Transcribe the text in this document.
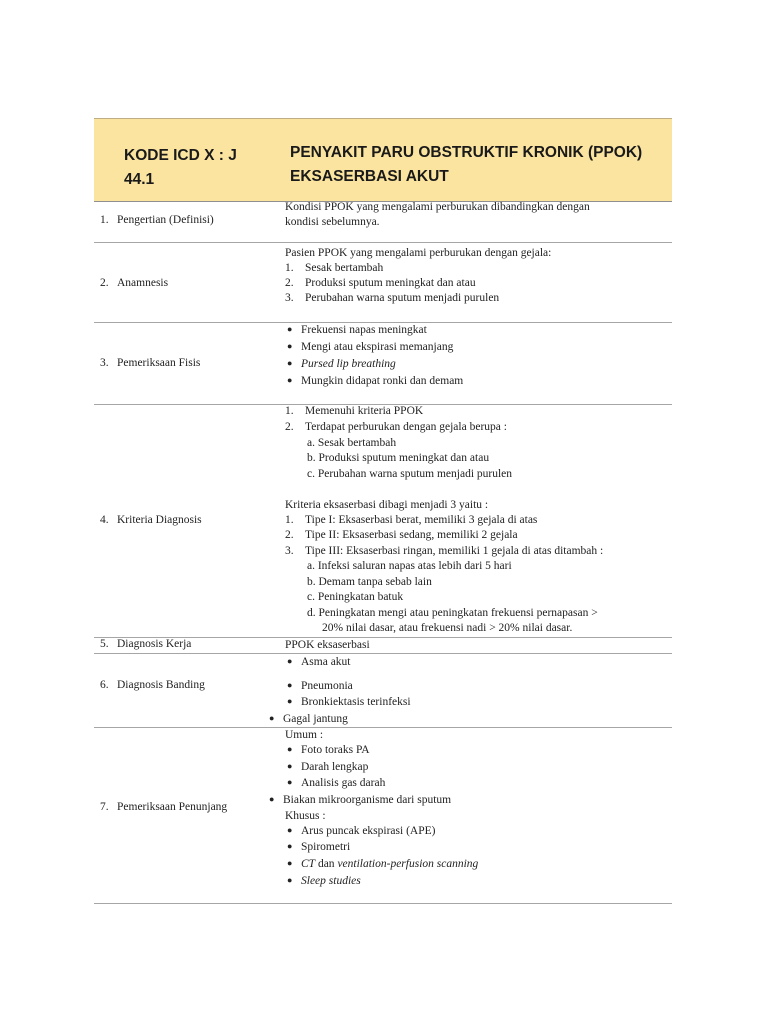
KODE ICD X : J
44.1
PENYAKIT PARU OBSTRUKTIF KRONIK (PPOK)
EKSASERBASI AKUT
1. Pengertian (Definisi)
Kondisi PPOK yang mengalami perburukan dibandingkan dengan
kondisi sebelumnya.
2. Anamnesis
Pasien PPOK yang mengalami perburukan dengan gejala:
1. Sesak bertambah
2. Produksi sputum meningkat dan atau
3. Perubahan warna sputum menjadi purulen
3. Pemeriksaan Fisis
● Frekuensi napas meningkat
● Mengi atau ekspirasi memanjang
● Pursed lip breathing
● Mungkin didapat ronki dan demam
4. Kriteria Diagnosis
1. Memenuhi kriteria PPOK
2. Terdapat perburukan dengan gejala berupa :
a. Sesak bertambah
b. Produksi sputum meningkat dan atau
c. Perubahan warna sputum menjadi purulen
Kriteria eksaserbasi dibagi menjadi 3 yaitu :
1. Tipe I: Eksaserbasi berat, memiliki 3 gejala di atas
2. Tipe II: Eksaserbasi sedang, memiliki 2 gejala
3. Tipe III: Eksaserbasi ringan, memiliki 1 gejala di atas ditambah :
a. Infeksi saluran napas atas lebih dari 5 hari
b. Demam tanpa sebab lain
c. Peningkatan batuk
d. Peningkatan mengi atau peningkatan frekuensi pernapasan >
20% nilai dasar, atau frekuensi nadi > 20% nilai dasar.
5. Diagnosis Kerja	PPOK eksaserbasi
6. Diagnosis Banding
● Asma akut
● Pneumonia
● Bronkiektasis terinfeksi
● Gagal jantung
7. Pemeriksaan Penunjang
Umum :
● Foto toraks PA
● Darah lengkap
● Analisis gas darah
● Biakan mikroorganisme dari sputum
Khusus :
● Arus puncak ekspirasi (APE)
● Spirometri
● CT dan ventilation-perfusion scanning
● Sleep studies
